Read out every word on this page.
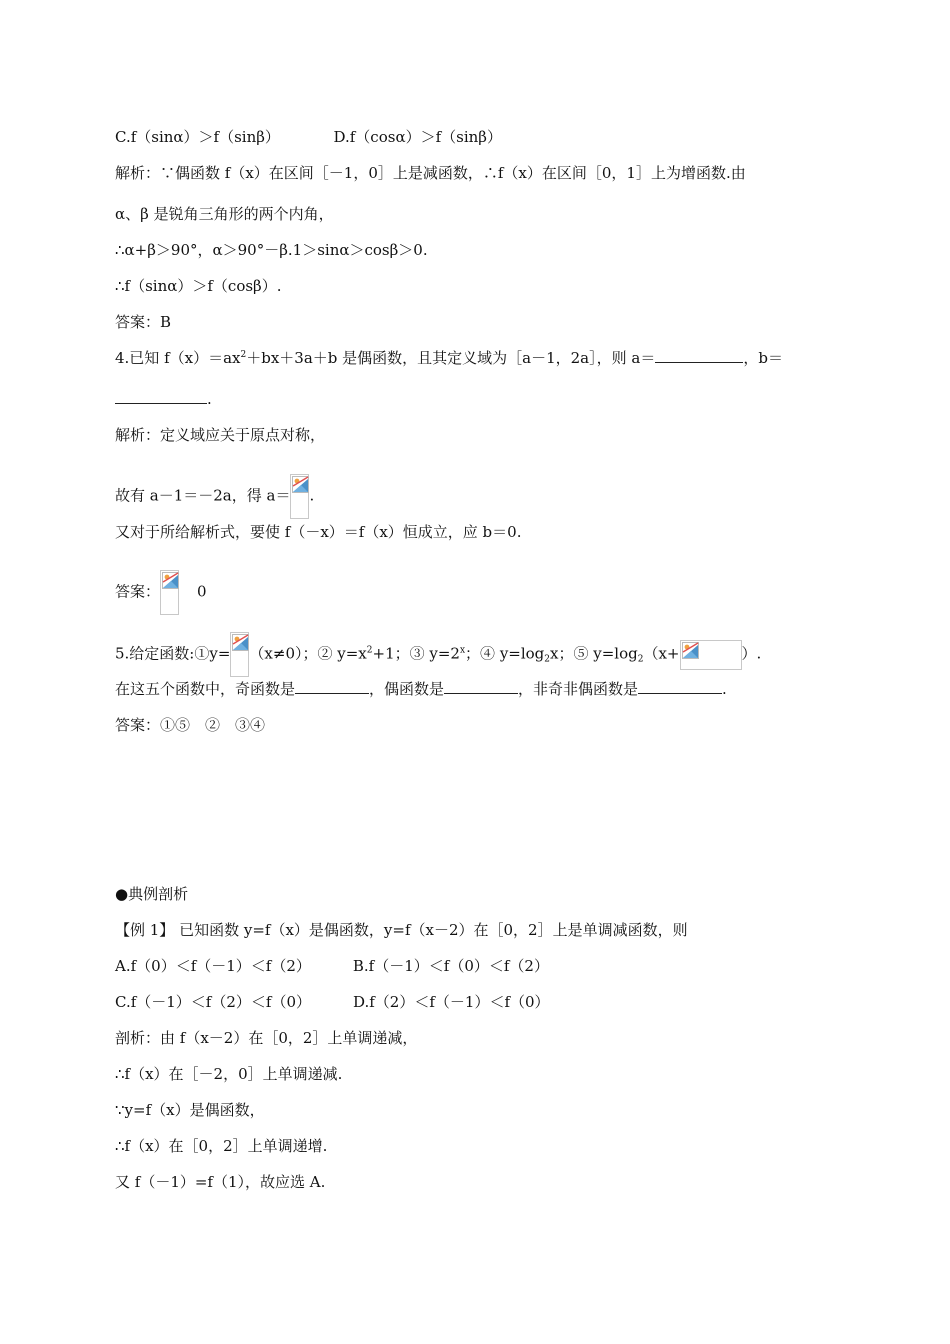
C.f（sinα）＞f（sinβ）	D.f（cosα）＞f（sinβ）
解析：∵偶函数 f（x）在区间［－1，0］上是减函数，∴f（x）在区间［0，1］上为增函数.由
α、β 是锐角三角形的两个内角，
∴α+β＞90°，α＞90°－β.1＞sinα＞cosβ＞0.
∴f（sinα）＞f（cosβ）.
答案：B
4.已知 $f(x)=ax^2+bx+3a+b$ 是偶函数，且其定义域为［a－1，2a］，则 a＝	，b＝
.
解析：定义域应关于原点对称，
故有 a－1＝－2a，得 a＝ .
又对于所给解析式，要使 f（－x）＝f（x）恒成立，应 b＝0.
答案： 0
5.给定函数:①y= （x≠0）；② $y=x^2+1$；③ $y=2^x$；④ $y=\log_2x$；⑤ $y=\log_2(x+$	）.
在这五个函数中，奇函数是	，偶函数是	，非奇非偶函数是	.
答案：①⑤　②　③④
●典例剖析
【例 1】 已知函数 y=f（x）是偶函数，y=f（x－2）在［0，2］上是单调减函数，则
A.f（0）＜f（－1）＜f（2）	B.f（－1）＜f（0）＜f（2）
C.f（－1）＜f（2）＜f（0）	D.f（2）＜f（－1）＜f（0）
剖析：由 f（x－2）在［0，2］上单调递减，
∴f（x）在［－2，0］上单调递减.
∵y=f（x）是偶函数，
∴f（x）在［0，2］上单调递增.
又 f（－1）=f（1），故应选 A.
